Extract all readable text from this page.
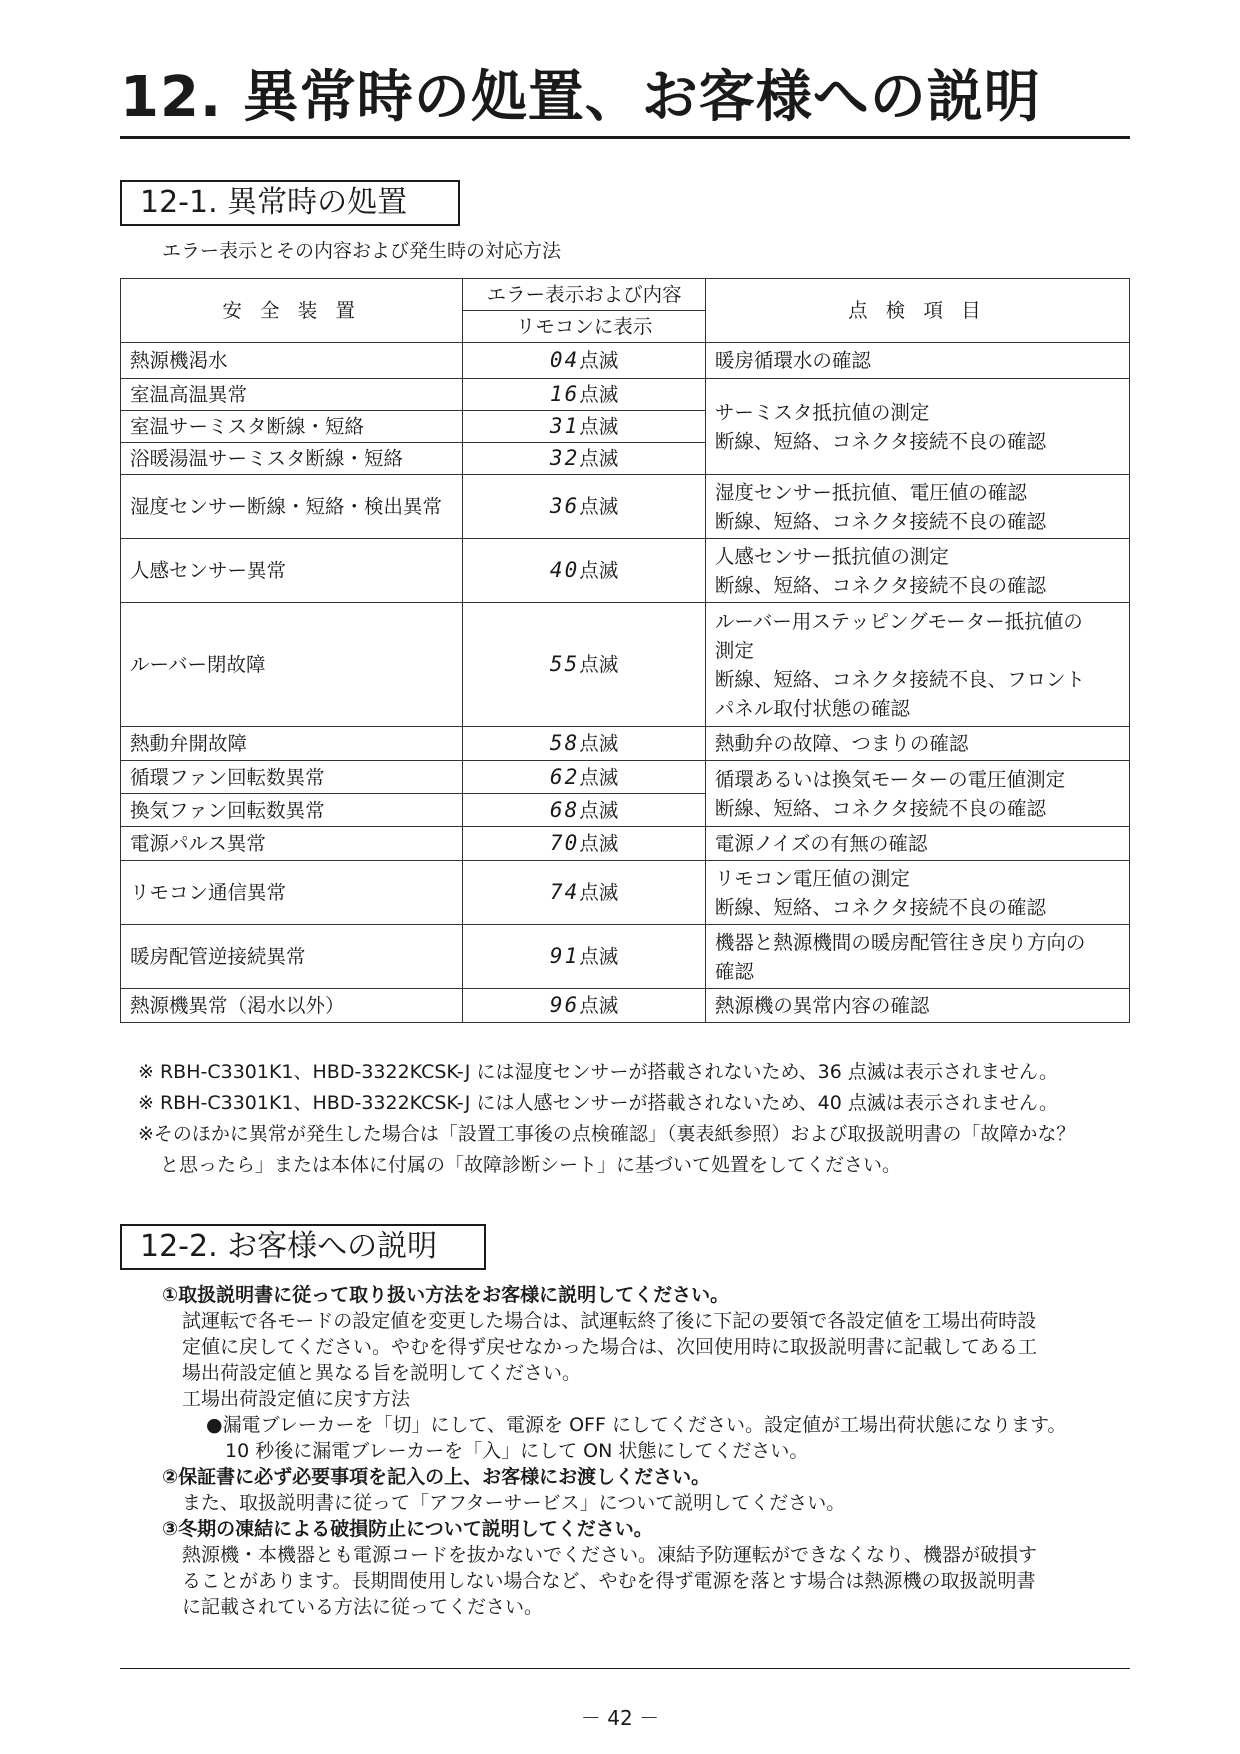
12. 異常時の処置、お客様への説明
12-1. 異常時の処置
エラー表示とその内容および発生時の対応方法
安 全 装 置	エラー表示および内容	点 検 項 目
	リモコンに表示	
熱源機渇水	04点滅	暖房循環水の確認
室温高温異常	16点滅	サーミスタ抵抗値の測定
断線、短絡、コネクタ接続不良の確認
室温サーミスタ断線・短絡	31点滅	
浴暖湯温サーミスタ断線・短絡	32点滅	
湿度センサー断線・短絡・検出異常	36点滅	湿度センサー抵抗値、電圧値の確認
断線、短絡、コネクタ接続不良の確認
人感センサー異常	40点滅	人感センサー抵抗値の測定
断線、短絡、コネクタ接続不良の確認
ルーバー閉故障	55点滅	ルーバー用ステッピングモーター抵抗値の
測定
断線、短絡、コネクタ接続不良、フロント
パネル取付状態の確認
熱動弁開故障	58点滅	熱動弁の故障、つまりの確認
循環ファン回転数異常	62点滅	循環あるいは換気モーターの電圧値測定
断線、短絡、コネクタ接続不良の確認
換気ファン回転数異常	68点滅	
電源パルス異常	70点滅	電源ノイズの有無の確認
リモコン通信異常	74点滅	リモコン電圧値の測定
断線、短絡、コネクタ接続不良の確認
暖房配管逆接続異常	91点滅	機器と熱源機間の暖房配管往き戻り方向の
確認
熱源機異常（渇水以外）	96点滅	熱源機の異常内容の確認

※ RBH-C3301K1、HBD-3322KCSK-J には湿度センサーが搭載されないため、36 点滅は表示されません。

※ RBH-C3301K1、HBD-3322KCSK-J には人感センサーが搭載されないため、40 点滅は表示されません。

※そのほかに異常が発生した場合は「設置工事後の点検確認」（裏表紙参照）および取扱説明書の「故障かな？

と思ったら」または本体に付属の「故障診断シート」に基づいて処置をしてください。

12-2. お客様への説明

①取扱説明書に従って取り扱い方法をお客様に説明してください。

試運転で各モードの設定値を変更した場合は、試運転終了後に下記の要領で各設定値を工場出荷時設
定値に戻してください。やむを得ず戻せなかった場合は、次回使用時に取扱説明書に記載してある工
場出荷設定値と異なる旨を説明してください。

工場出荷設定値に戻す方法

●漏電ブレーカーを「切」にして、電源を OFF にしてください。設定値が工場出荷状態になります。
　10 秒後に漏電ブレーカーを「入」にして ON 状態にしてください。

②保証書に必ず必要事項を記入の上、お客様にお渡しください。

また、取扱説明書に従って「アフターサービス」について説明してください。

③冬期の凍結による破損防止について説明してください。

熱源機・本機器とも電源コードを抜かないでください。凍結予防運転ができなくなり、機器が破損す
ることがあります。長期間使用しない場合など、やむを得ず電源を落とす場合は熱源機の取扱説明書
に記載されている方法に従ってください。

－ 42 －
